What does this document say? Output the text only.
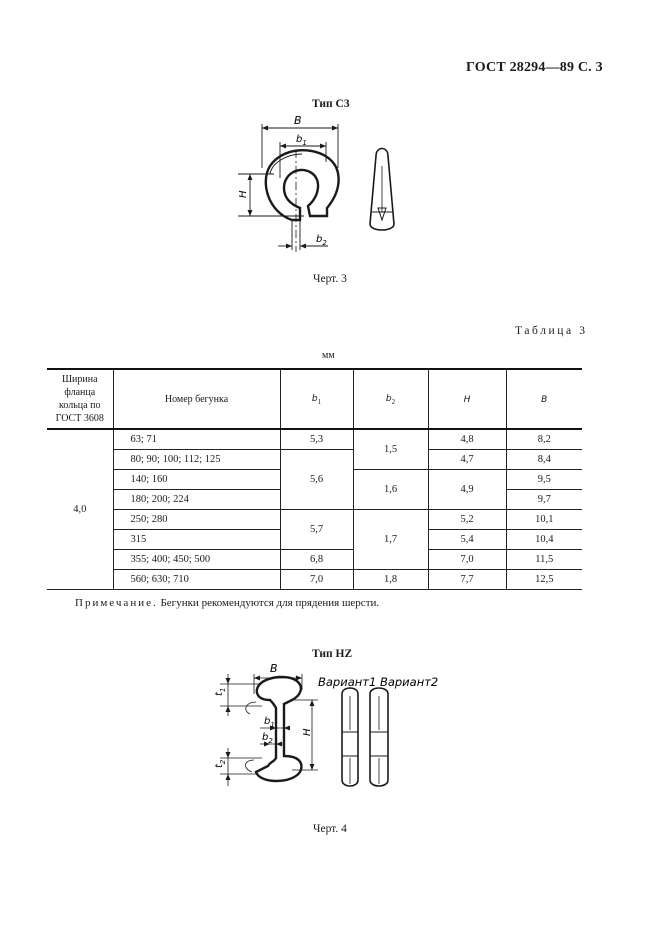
ГОСТ 28294—89 С. 3
Тип С3
B
$b_1$
H
$b_2$
Черт. 3
Таблица 3
мм
Ширина
фланца
кольца по
ГОСТ 3608	Номер бегунка	$b_1$	$b_2$	H	B
4,0	63; 71	5,3	1,5	4,8	8,2
	80; 90; 100; 112; 125	5,6		4,7	8,4
	140; 160		1,6	4,9	9,5
	180; 200; 224				9,7
	250; 280	5,7	1,7	5,2	10,1
	315			5,4	10,4
	355; 400; 450; 500	6,8		7,0	11,5
	560; 630; 710	7,0	1,8	7,7	12,5
Примечание. Бегунки рекомендуются для прядения шерсти.
Тип HZ
B
$t_1$
$t_2$
$b_1$
$b_2$
H
Вариант1 Вариант2
Черт. 4
